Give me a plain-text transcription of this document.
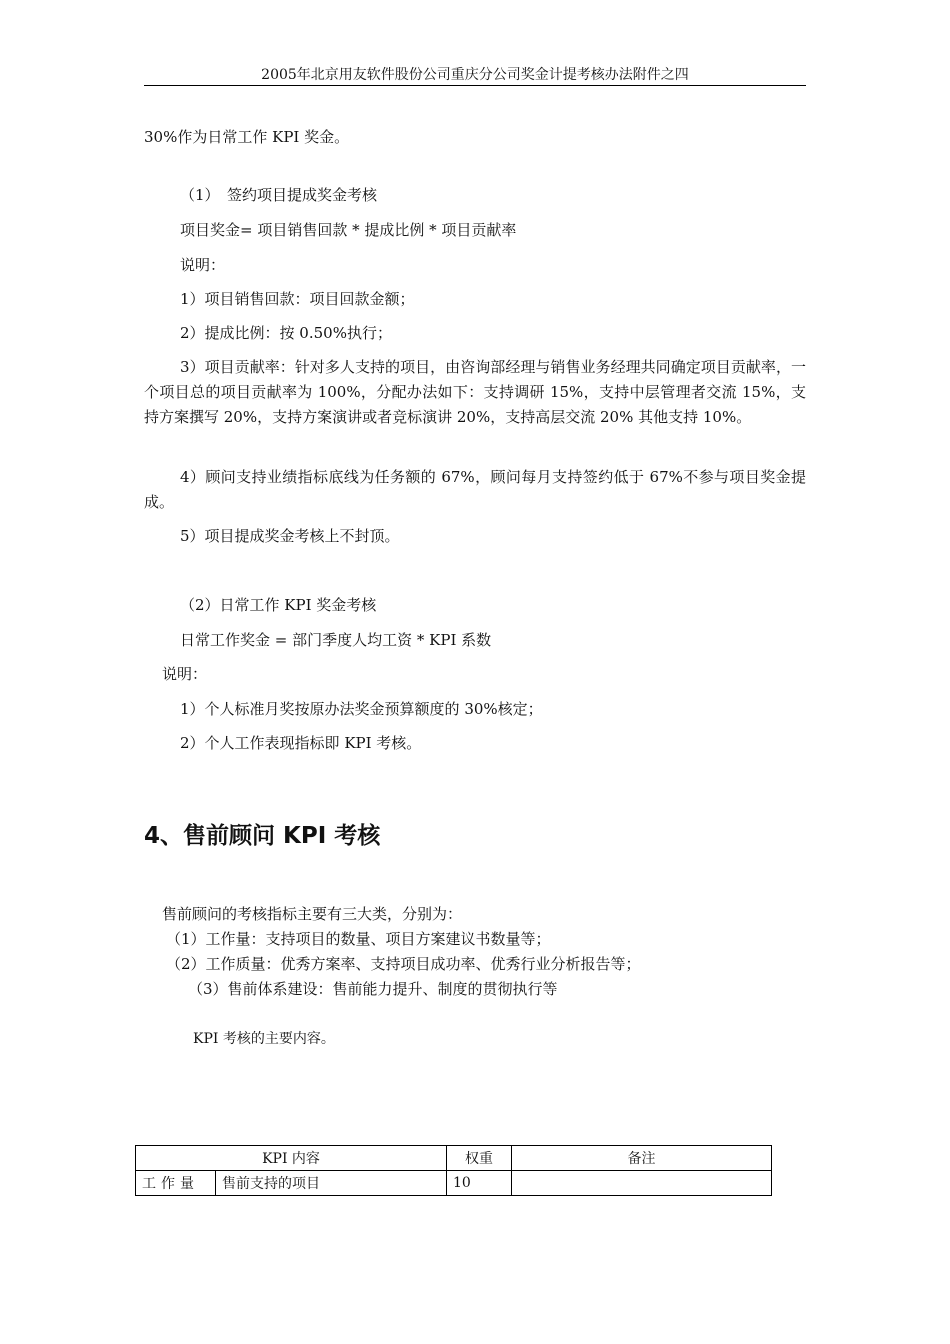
2005年北京用友软件股份公司重庆分公司奖金计提考核办法附件之四
30%作为日常工作 KPI 奖金。
（1）　签约项目提成奖金考核
项目奖金= 项目销售回款 * 提成比例 * 项目贡献率
说明：
1）项目销售回款：项目回款金额；
2）提成比例：按 0.50%执行；
3）项目贡献率：针对多人支持的项目，由咨询部经理与销售业务经理共同确定项目贡献率，一个项目总的项目贡献率为 100%，分配办法如下：支持调研 15%，支持中层管理者交流 15%，支持方案撰写 20%，支持方案演讲或者竞标演讲 20%，支持高层交流 20% 其他支持 10%。
4）顾问支持业绩指标底线为任务额的 67%，顾问每月支持签约低于 67%不参与项目奖金提成。
5）项目提成奖金考核上不封顶。
（2）日常工作 KPI 奖金考核
日常工作奖金 = 部门季度人均工资 * KPI 系数
说明：
1）个人标准月奖按原办法奖金预算额度的 30%核定；
2）个人工作表现指标即 KPI 考核。
4、售前顾问 KPI 考核
售前顾问的考核指标主要有三大类，分别为：
（1）工作量：支持项目的数量、项目方案建议书数量等；
（2）工作质量：优秀方案率、支持项目成功率、优秀行业分析报告等；
（3）售前体系建设：售前能力提升、制度的贯彻执行等
KPI 考核的主要内容。
KPI 内容		权重	备注
工作量	售前支持的项目	10	
